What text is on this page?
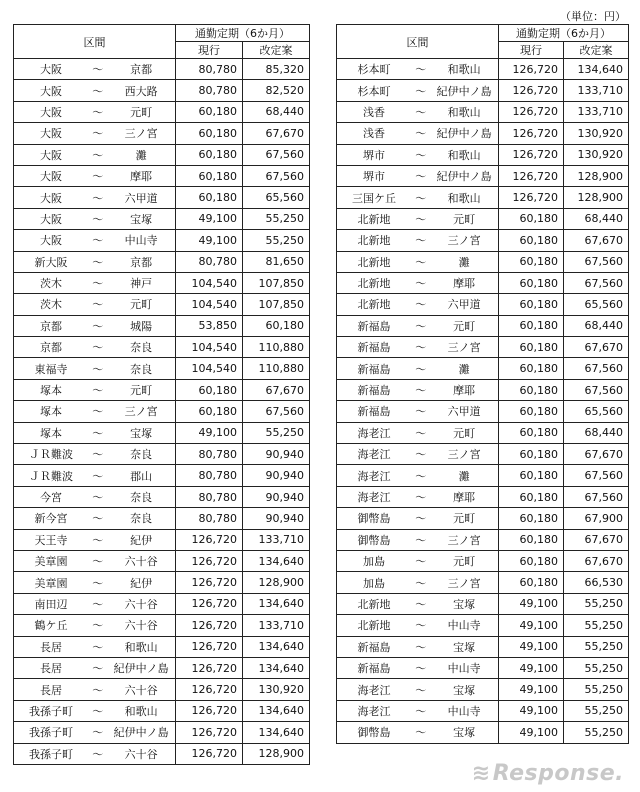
（単位：円）
区間	通勤定期（6か月）	
	現行	改定案

大阪 ～ 京都	80,780	85,320

大阪 ～ 西大路	80,780	82,520

大阪 ～ 元町	60,180	68,440

大阪 ～ 三ノ宮	60,180	67,670

大阪 ～ 灘	60,180	67,560

大阪 ～ 摩耶	60,180	67,560

大阪 ～ 六甲道	60,180	65,560

大阪 ～ 宝塚	49,100	55,250

大阪 ～ 中山寺	49,100	55,250

新大阪 ～ 京都	80,780	81,650

茨木 ～ 神戸	104,540	107,850

茨木 ～ 元町	104,540	107,850

京都 ～ 城陽	53,850	60,180

京都 ～ 奈良	104,540	110,880

東福寺 ～ 奈良	104,540	110,880

塚本 ～ 元町	60,180	67,670

塚本 ～ 三ノ宮	60,180	67,560

塚本 ～ 宝塚	49,100	55,250

ＪＲ難波 ～ 奈良	80,780	90,940

ＪＲ難波 ～ 郡山	80,780	90,940

今宮 ～ 奈良	80,780	90,940

新今宮 ～ 奈良	80,780	90,940

天王寺 ～ 紀伊	126,720	133,710

美章園 ～ 六十谷	126,720	134,640

美章園 ～ 紀伊	126,720	128,900

南田辺 ～ 六十谷	126,720	134,640

鶴ケ丘 ～ 六十谷	126,720	133,710

長居 ～ 和歌山	126,720	134,640

長居 ～ 紀伊中ノ島	126,720	134,640

長居 ～ 六十谷	126,720	130,920

我孫子町 ～ 和歌山	126,720	134,640

我孫子町 ～ 紀伊中ノ島	126,720	134,640

我孫子町 ～ 六十谷	126,720	128,900
区間	通勤定期（6か月）	
	現行	改定案

杉本町 ～ 和歌山	126,720	134,640

杉本町 ～ 紀伊中ノ島	126,720	133,710

浅香 ～ 和歌山	126,720	133,710

浅香 ～ 紀伊中ノ島	126,720	130,920

堺市 ～ 和歌山	126,720	130,920

堺市 ～ 紀伊中ノ島	126,720	128,900

三国ケ丘 ～ 和歌山	126,720	128,900

北新地 ～ 元町	60,180	68,440

北新地 ～ 三ノ宮	60,180	67,670

北新地 ～ 灘	60,180	67,560

北新地 ～ 摩耶	60,180	67,560

北新地 ～ 六甲道	60,180	65,560

新福島 ～ 元町	60,180	68,440

新福島 ～ 三ノ宮	60,180	67,670

新福島 ～ 灘	60,180	67,560

新福島 ～ 摩耶	60,180	67,560

新福島 ～ 六甲道	60,180	65,560

海老江 ～ 元町	60,180	68,440

海老江 ～ 三ノ宮	60,180	67,670

海老江 ～ 灘	60,180	67,560

海老江 ～ 摩耶	60,180	67,560

御幣島 ～ 元町	60,180	67,900

御幣島 ～ 三ノ宮	60,180	67,670

加島 ～ 元町	60,180	67,670

加島 ～ 三ノ宮	60,180	66,530

北新地 ～ 宝塚	49,100	55,250

北新地 ～ 中山寺	49,100	55,250

新福島 ～ 宝塚	49,100	55,250

新福島 ～ 中山寺	49,100	55,250

海老江 ～ 宝塚	49,100	55,250

海老江 ～ 中山寺	49,100	55,250

御幣島 ～ 宝塚	49,100	55,250
≋Response.
